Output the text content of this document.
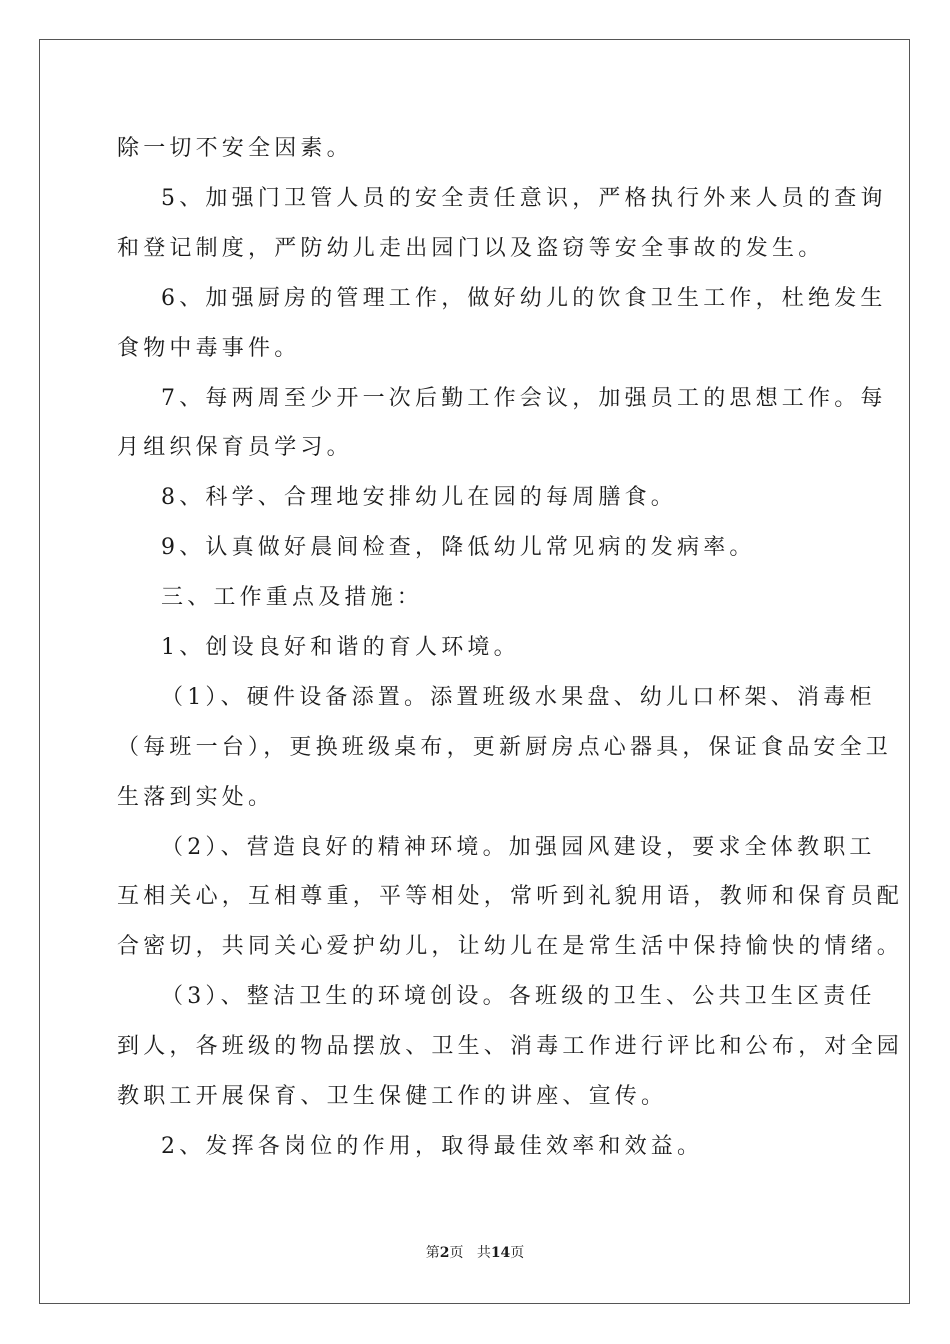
除一切不安全因素。
5、加强门卫管人员的安全责任意识，严格执行外来人员的查询
和登记制度，严防幼儿走出园门以及盗窃等安全事故的发生。
6、加强厨房的管理工作，做好幼儿的饮食卫生工作，杜绝发生
食物中毒事件。
7、每两周至少开一次后勤工作会议，加强员工的思想工作。每
月组织保育员学习。
8、科学、合理地安排幼儿在园的每周膳食。
9、认真做好晨间检查，降低幼儿常见病的发病率。
三、工作重点及措施：
1、创设良好和谐的育人环境。
（1）、硬件设备添置。添置班级水果盘、幼儿口杯架、消毒柜
（每班一台），更换班级桌布，更新厨房点心器具，保证食品安全卫
生落到实处。
（2）、营造良好的精神环境。加强园风建设，要求全体教职工
互相关心，互相尊重，平等相处，常听到礼貌用语，教师和保育员配
合密切，共同关心爱护幼儿，让幼儿在是常生活中保持愉快的情绪。
（3）、整洁卫生的环境创设。各班级的卫生、公共卫生区责任
到人，各班级的物品摆放、卫生、消毒工作进行评比和公布，对全园
教职工开展保育、卫生保健工作的讲座、宣传。
2、发挥各岗位的作用，取得最佳效率和效益。
第2页 共14页
